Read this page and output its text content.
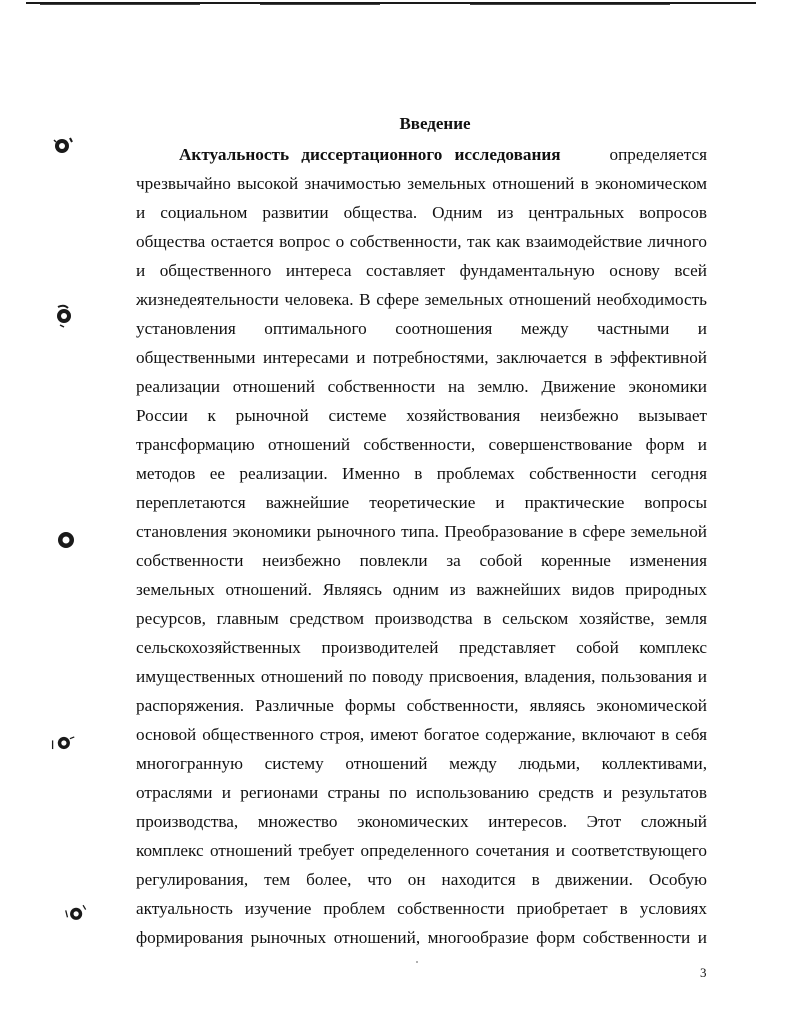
Введение
Актуальность диссертационного исследования	определяется
чрезвычайно высокой значимостью земельных отношений в экономическом
и социальном развитии общества. Одним из центральных вопросов
общества остается вопрос о собственности, так как взаимодействие личного
и общественного интереса составляет фундаментальную основу всей
жизнедеятельности человека. В сфере земельных отношений необходимость
установления оптимального соотношения между частными и
общественными интересами и потребностями, заключается в эффективной
реализации отношений собственности на землю. Движение экономики
России к рыночной системе хозяйствования неизбежно вызывает
трансформацию отношений собственности, совершенствование форм и
методов ее реализации. Именно в проблемах собственности сегодня
переплетаются важнейшие теоретические и практические вопросы
становления экономики рыночного типа. Преобразование в сфере земельной
собственности неизбежно повлекли за собой коренные изменения
земельных отношений. Являясь одним из важнейших видов природных
ресурсов, главным средством производства в сельском хозяйстве, земля
сельскохозяйственных производителей представляет собой комплекс
имущественных отношений по поводу присвоения, владения, пользования и
распоряжения. Различные формы собственности, являясь экономической
основой общественного строя, имеют богатое содержание, включают в себя
многогранную систему отношений между людьми, коллективами,
отраслями и регионами страны по использованию средств и результатов
производства, множество экономических интересов. Этот сложный
комплекс отношений требует определенного сочетания и соответствующего
регулирования, тем более, что он находится в движении. Особую
актуальность изучение проблем собственности приобретает в условиях
формирования рыночных отношений, многообразие форм собственности и
3
